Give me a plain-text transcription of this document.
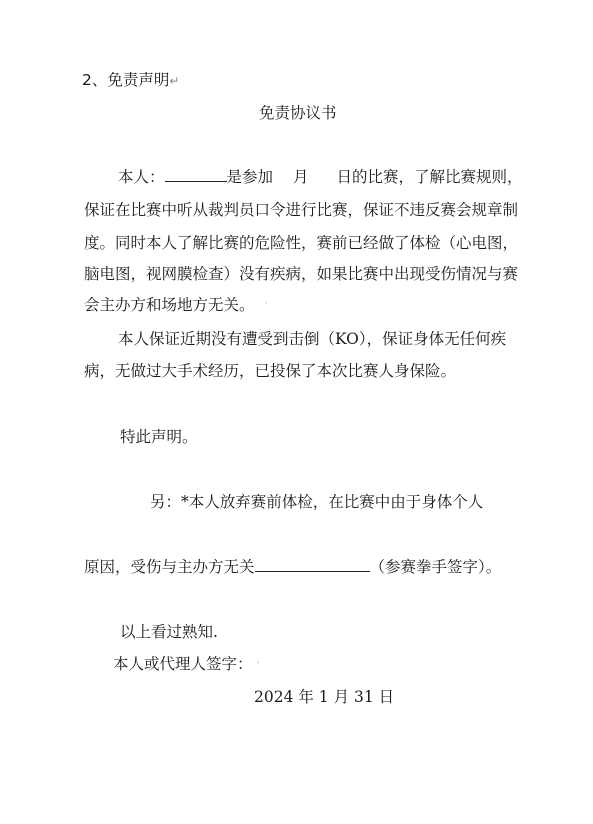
2、免责声明↵
免责协议书
本人：	是参加 月 日的比赛，了解比赛规则，
保证在比赛中听从裁判员口令进行比赛，保证不违反赛会规章制
度。同时本人了解比赛的危险性，赛前已经做了体检（心电图，
脑电图，视网膜检查）没有疾病，如果比赛中出现受伤情况与赛
会主办方和场地方无关。 ˈ
本人保证近期没有遭受到击倒（KO），保证身体无任何疾
病，无做过大手术经历，已投保了本次比赛人身保险。
特此声明。
另：*本人放弃赛前体检，在比赛中由于身体个人
原因，受伤与主办方无关	（参赛拳手签字）。
以上看过熟知.
本人或代理人签字： ˈ
2024 年 1 月 31 日
